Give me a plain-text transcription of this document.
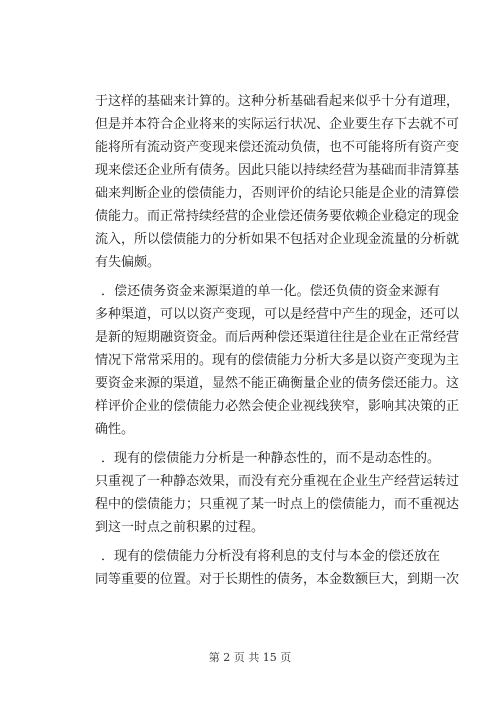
于这样的基础来计算的。这种分析基础看起来似乎十分有道理，
但是并本符合企业将来的实际运行状况、企业要生存下去就不可
能将所有流动资产变现来偿还流动负债，也不可能将所有资产变
现来偿还企业所有债务。因此只能以持续经营为基础而非清算基
础来判断企业的偿债能力，否则评价的结论只能是企业的清算偿
债能力。而正常持续经营的企业偿还债务要依赖企业稳定的现金
流入，所以偿债能力的分析如果不包括对企业现金流量的分析就
有失偏颇。
．偿还债务资金来源渠道的单一化。偿还负债的资金来源有
多种渠道，可以以资产变现，可以是经营中产生的现金，还可以
是新的短期融资资金。而后两种偿还渠道往往是企业在正常经营
情况下常常采用的。现有的偿债能力分析大多是以资产变现为主
要资金来源的渠道，显然不能正确衡量企业的债务偿还能力。这
样评价企业的偿债能力必然会使企业视线狭窄，影响其决策的正
确性。
．现有的偿债能力分析是一种静态性的，而不是动态性的。
只重视了一种静态效果，而没有充分重视在企业生产经营运转过
程中的偿债能力；只重视了某一时点上的偿债能力，而不重视达
到这一时点之前积累的过程。
．现有的偿债能力分析没有将利息的支付与本金的偿还放在
同等重要的位置。对于长期性的债务，本金数额巨大，到期一次
第 2 页 共 15 页
